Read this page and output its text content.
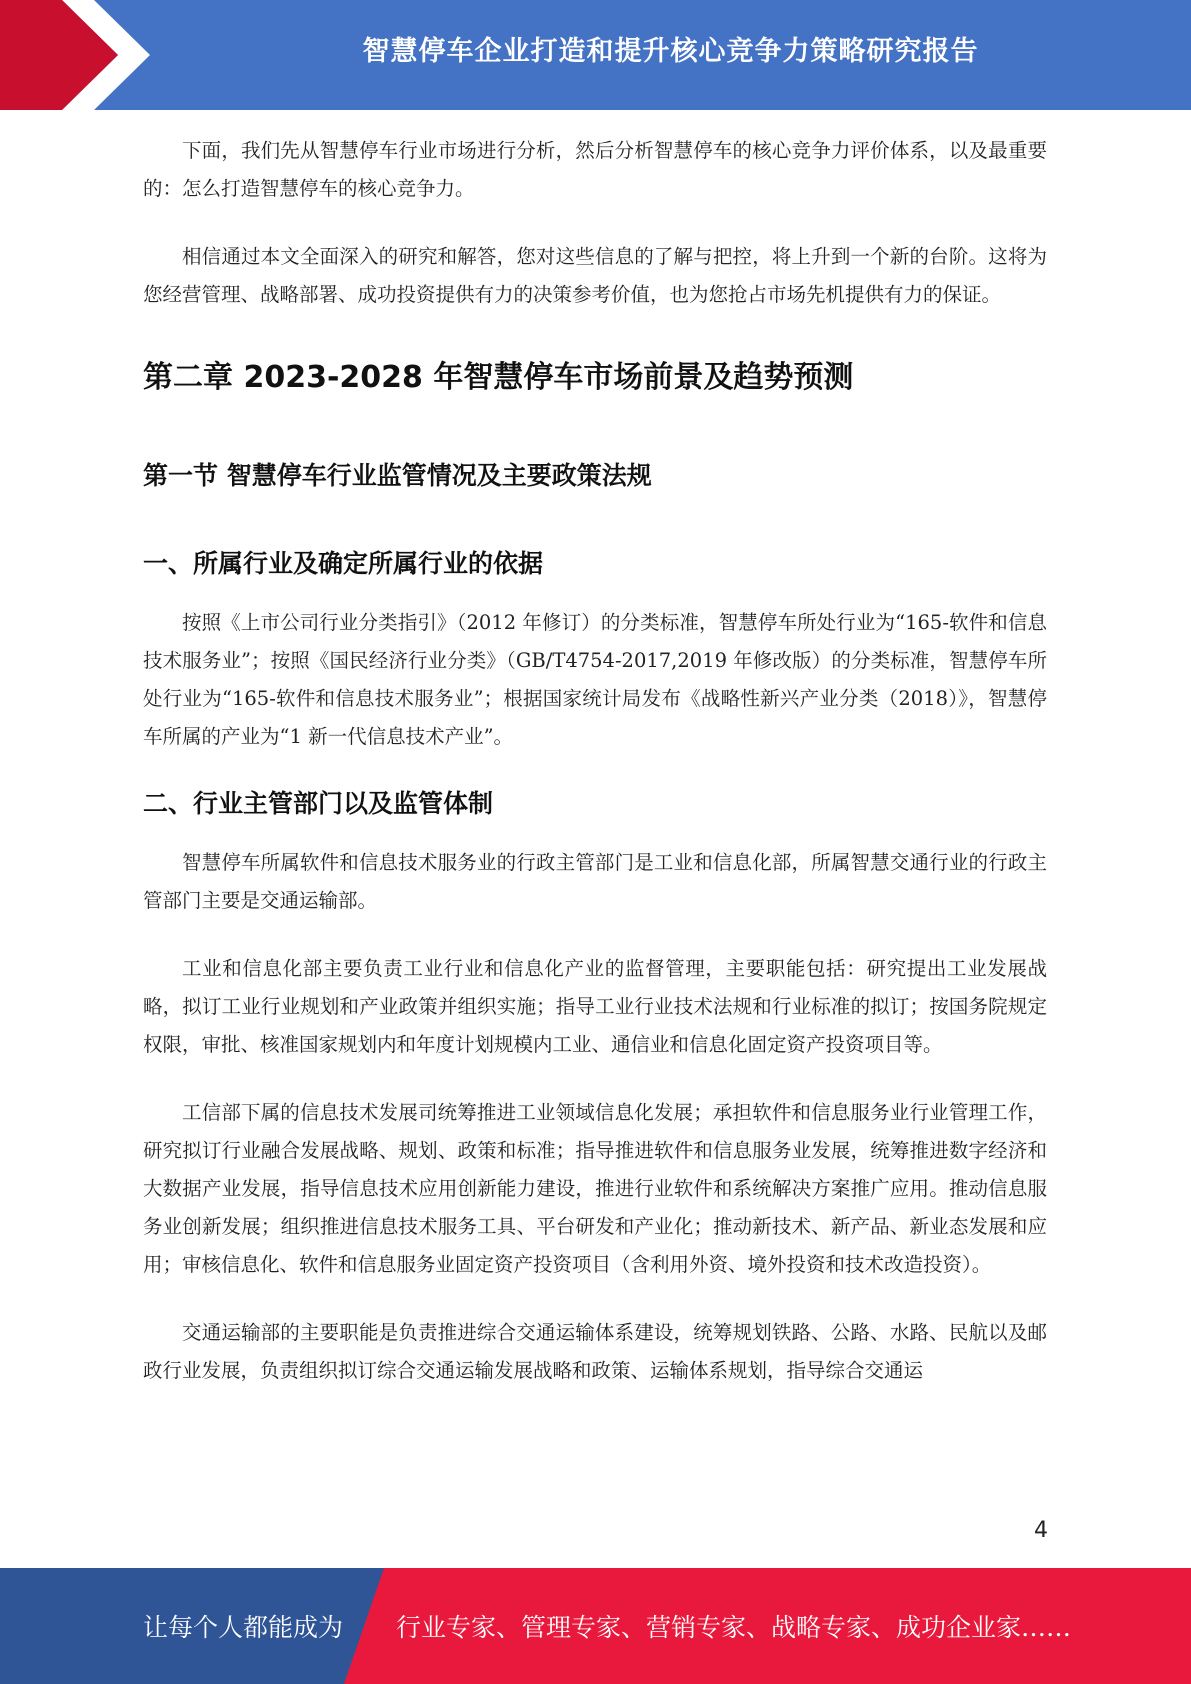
智慧停车企业打造和提升核心竞争力策略研究报告

下面，我们先从智慧停车行业市场进行分析，然后分析智慧停车的核心竞争力评价体系，以及最重要的：怎么打造智慧停车的核心竞争力。

相信通过本文全面深入的研究和解答，您对这些信息的了解与把控，将上升到一个新的台阶。这将为您经营管理、战略部署、成功投资提供有力的决策参考价值，也为您抢占市场先机提供有力的保证。

第二章 2023-2028 年智慧停车市场前景及趋势预测
第一节 智慧停车行业监管情况及主要政策法规
一、所属行业及确定所属行业的依据

按照《上市公司行业分类指引》（2012 年修订）的分类标准，智慧停车所处行业为“165-软件和信息技术服务业”；按照《国民经济行业分类》（GB/T4754-2017,2019 年修改版）的分类标准，智慧停车所处行业为“165-软件和信息技术服务业”；根据国家统计局发布《战略性新兴产业分类（2018）》，智慧停车所属的产业为“1 新一代信息技术产业”。

二、行业主管部门以及监管体制

智慧停车所属软件和信息技术服务业的行政主管部门是工业和信息化部，所属智慧交通行业的行政主管部门主要是交通运输部。

工业和信息化部主要负责工业行业和信息化产业的监督管理，主要职能包括：研究提出工业发展战略，拟订工业行业规划和产业政策并组织实施；指导工业行业技术法规和行业标准的拟订；按国务院规定权限，审批、核准国家规划内和年度计划规模内工业、通信业和信息化固定资产投资项目等。

工信部下属的信息技术发展司统筹推进工业领域信息化发展；承担软件和信息服务业行业管理工作，研究拟订行业融合发展战略、规划、政策和标准；指导推进软件和信息服务业发展，统筹推进数字经济和大数据产业发展，指导信息技术应用创新能力建设，推进行业软件和系统解决方案推广应用。推动信息服务业创新发展；组织推进信息技术服务工具、平台研发和产业化；推动新技术、新产品、新业态发展和应用；审核信息化、软件和信息服务业固定资产投资项目（含利用外资、境外投资和技术改造投资）。

交通运输部的主要职能是负责推进综合交通运输体系建设，统筹规划铁路、公路、水路、民航以及邮政行业发展，负责组织拟订综合交通运输发展战略和政策、运输体系规划，指导综合交通运

4
让每个人都能成为 行业专家、管理专家、营销专家、战略专家、成功企业家……
